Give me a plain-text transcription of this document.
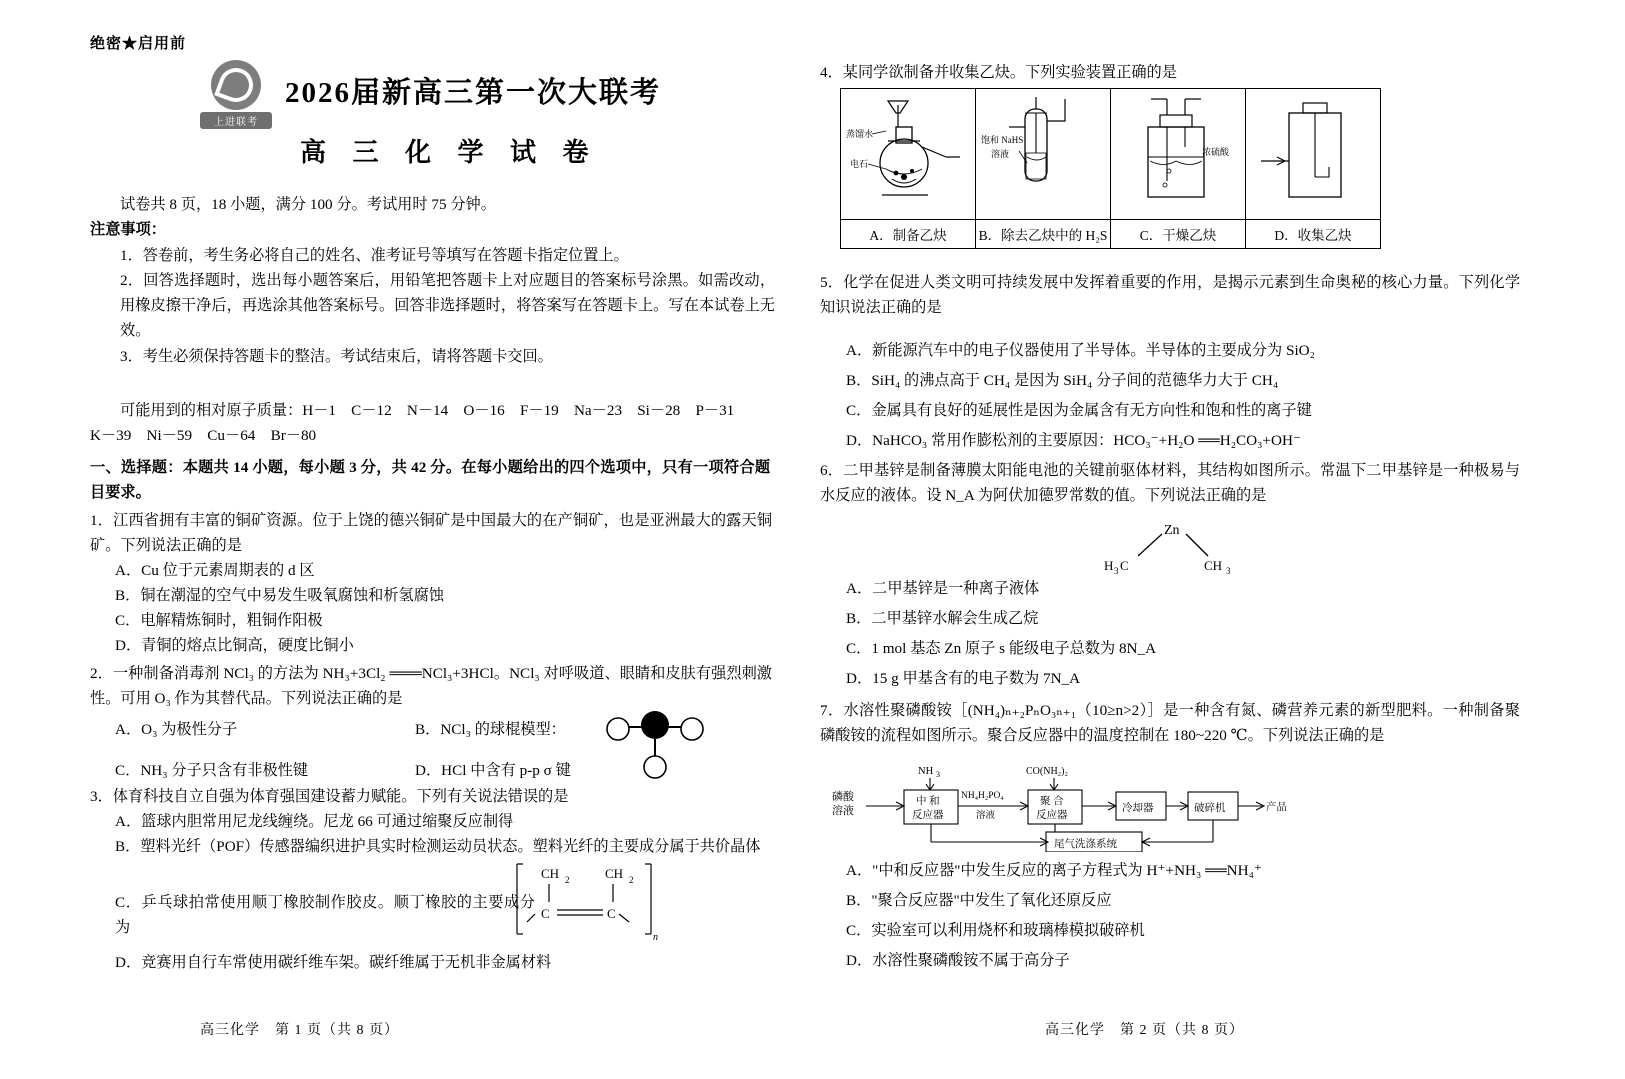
绝密★启用前
上进联考
2026届新高三第一次大联考
高 三 化 学 试 卷
试卷共 8 页，18 小题，满分 100 分。考试用时 75 分钟。
注意事项：
1．答卷前，考生务必将自己的姓名、准考证号等填写在答题卡指定位置上。
2．回答选择题时，选出每小题答案后，用铅笔把答题卡上对应题目的答案标号涂黑。如需改动，用橡皮擦干净后，再选涂其他答案标号。回答非选择题时，将答案写在答题卡上。写在本试卷上无效。
3．考生必须保持答题卡的整洁。考试结束后，请将答题卡交回。
可能用到的相对原子质量：H－1　C－12　N－14　O－16　F－19　Na－23　Si－28　P－31
K－39　Ni－59　Cu－64　Br－80
一、选择题：本题共 14 小题，每小题 3 分，共 42 分。在每小题给出的四个选项中，只有一项符合题目要求。
1．江西省拥有丰富的铜矿资源。位于上饶的德兴铜矿是中国最大的在产铜矿，也是亚洲最大的露天铜矿。下列说法正确的是
A．Cu 位于元素周期表的 d 区
B．铜在潮湿的空气中易发生吸氧腐蚀和析氢腐蚀
C．电解精炼铜时，粗铜作阳极
D．青铜的熔点比铜高，硬度比铜小
2．一种制备消毒剂 NCl₃ 的方法为 NH₃+3Cl₂ ═══NCl₃+3HCl。NCl₃ 对呼吸道、眼睛和皮肤有强烈刺激性。可用 O₃ 作为其替代品。下列说法正确的是
A．O₃ 为极性分子	B．NCl₃ 的球棍模型：
C．NH₃ 分子只含有非极性键	D．HCl 中含有 p-p σ 键
3．体育科技自立自强为体育强国建设蓄力赋能。下列有关说法错误的是
A．篮球内胆常用尼龙线缠绕。尼龙 66 可通过缩聚反应制得
B．塑料光纤（POF）传感器编织进护具实时检测运动员状态。塑料光纤的主要成分属于共价晶体
C．乒乓球拍常使用顺丁橡胶制作胶皮。顺丁橡胶的主要成分为
CH 2	CH 2
C	C
n
D．竞赛用自行车常使用碳纤维车架。碳纤维属于无机非金属材料
高三化学　第 1 页（共 8 页）
4．某同学欲制备并收集乙炔。下列实验装置正确的是
蒸馏水
电石	饱和 NaHS
溶液	浓硫酸

A．制备乙炔	B．除去乙炔中的 H₂S	C．干燥乙炔	D．收集乙炔
5．化学在促进人类文明可持续发展中发挥着重要的作用，是揭示元素到生命奥秘的核心力量。下列化学知识说法正确的是
A．新能源汽车中的电子仪器使用了半导体。半导体的主要成分为 SiO₂
B．SiH₄ 的沸点高于 CH₄ 是因为 SiH₄ 分子间的范德华力大于 CH₄
C．金属具有良好的延展性是因为金属含有无方向性和饱和性的离子键
D．NaHCO₃ 常用作膨松剂的主要原因：HCO₃⁻+H₂O ══H₂CO₃+OH⁻
6．二甲基锌是制备薄膜太阳能电池的关键前驱体材料，其结构如图所示。常温下二甲基锌是一种极易与水反应的液体。设 N_A 为阿伏加德罗常数的值。下列说法正确的是
Zn
H 3 C	CH 3
A．二甲基锌是一种离子液体
B．二甲基锌水解会生成乙烷
C．1 mol 基态 Zn 原子 s 能级电子总数为 8N_A
D．15 g 甲基含有的电子数为 7N_A
7．水溶性聚磷酸铵［(NH₄)ₙ₊₂PₙO₃ₙ₊₁（10≥n>2）］是一种含有氮、磷营养元素的新型肥料。一种制备聚磷酸铵的流程如图所示。聚合反应器中的温度控制在 180~220 ℃。下列说法正确的是
磷酸
溶液
中 和
反应器
NH 3
NH₄H₂PO₄
溶液
聚 合
反应器
CO(NH₂)₂
冷却器	破碎机	产品
尾气洗涤系统
A．"中和反应器"中发生反应的离子方程式为 H⁺+NH₃ ══NH₄⁺
B．"聚合反应器"中发生了氧化还原反应
C．实验室可以利用烧杯和玻璃棒模拟破碎机
D．水溶性聚磷酸铵不属于高分子
高三化学　第 2 页（共 8 页）
